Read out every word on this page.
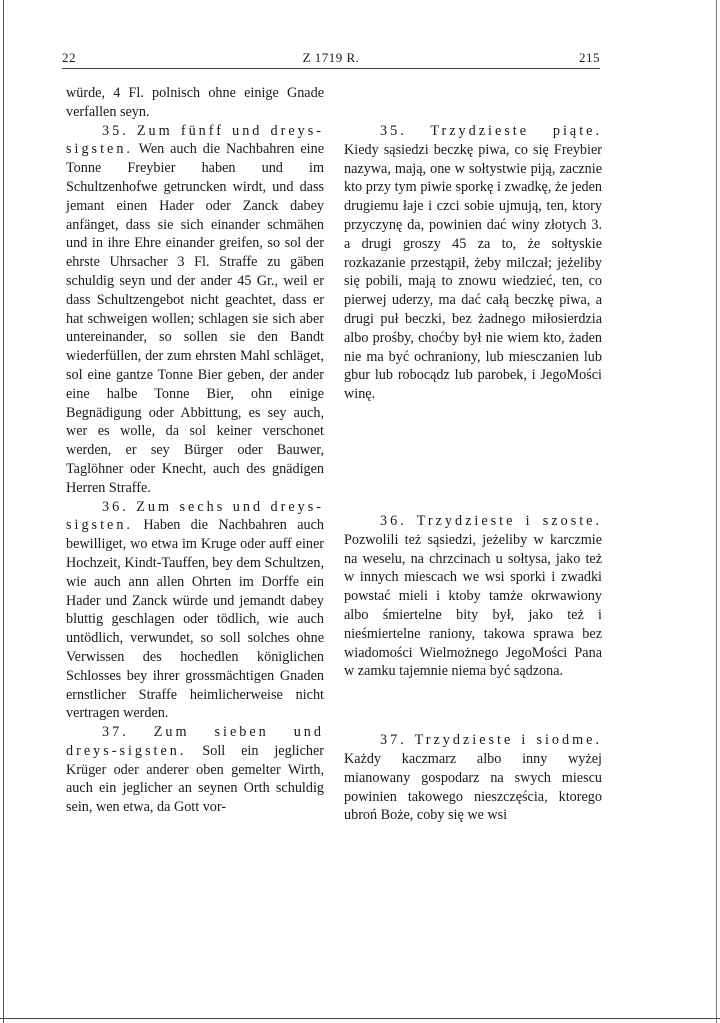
22	Z 1719 R.	215

würde, 4 Fl. polnisch ohne einige Gnade verfallen seyn.

35. Zum fünff und dreys-sigsten. Wen auch die Nachbahren eine Tonne Freybier haben und im Schultzenhofwe getruncken wirdt, und dass jemant einen Hader oder Zanck dabey anfänget, dass sie sich einander schmähen und in ihre Ehre einander greifen, so sol der ehrste Uhrsacher 3 Fl. Straffe zu gäben schuldig seyn und der ander 45 Gr., weil er dass Schultzengebot nicht geachtet, dass er hat schweigen wollen; schlagen sie sich aber untereinander, so sollen sie den Bandt wiederfüllen, der zum ehrsten Mahl schläget, sol eine gantze Tonne Bier geben, der ander eine halbe Tonne Bier, ohn einige Begnädigung oder Abbittung, es sey auch, wer es wolle, da sol keiner verschonet werden, er sey Bürger oder Bauwer, Taglöhner oder Knecht, auch des gnädigen Herren Straffe.

36. Zum sechs und dreys-sigsten. Haben die Nachbahren auch bewilliget, wo etwa im Kruge oder auff einer Hochzeit, Kindt-Tauffen, bey dem Schultzen, wie auch ann allen Ohrten im Dorffe ein Hader und Zanck würde und jemandt dabey bluttig geschlagen oder tödlich, wie auch untödlich, verwundet, so soll solches ohne Verwissen des hochedlen königlichen Schlosses bey ihrer grossmächtigen Gnaden ernstlicher Straffe heimlicherweise nicht vertragen werden.

37. Zum sieben und dreys-sigsten. Soll ein jeglicher Krüger oder anderer oben gemelter Wirth, auch ein jeglicher an seynen Orth schuldig sein, wen etwa, da Gott vor-

35. Trzydzieste piąte. Kiedy sąsiedzi beczkę piwa, co się Freybier nazywa, mają, one w sołtystwie piją, zacznie kto przy tym piwie sporkę i zwadkę, że jeden drugiemu łaje i czci sobie ujmują, ten, ktory przyczynę da, powinien dać winy złotych 3. a drugi groszy 45 za to, że sołtyskie rozkazanie przestąpił, żeby milczał; jeżeliby się pobili, mają to znowu wiedzieć, ten, co pierwej uderzy, ma dać całą beczkę piwa, a drugi puł beczki, bez żadnego miłosierdzia albo prośby, choćby był nie wiem kto, żaden nie ma być ochraniony, lub miesczanien lub gbur lub robocądz lub parobek, i JegoMości winę.

36. Trzydzieste i szoste. Pozwolili też sąsiedzi, jeżeliby w karczmie na weselu, na chrzcinach u sołtysa, jako też w innych miescach we wsi sporki i zwadki powstać mieli i ktoby tamże okrwawiony albo śmiertelne bity był, jako też i nieśmiertelne raniony, takowa sprawa bez wiadomości Wielmożnego JegoMości Pana w zamku tajemnie niema być sądzona.

37. Trzydzieste i siodme. Każdy kaczmarz albo inny wyżej mianowany gospodarz na swych miescu powinien takowego nieszczęścia, ktorego ubroń Boże, coby się we wsi
